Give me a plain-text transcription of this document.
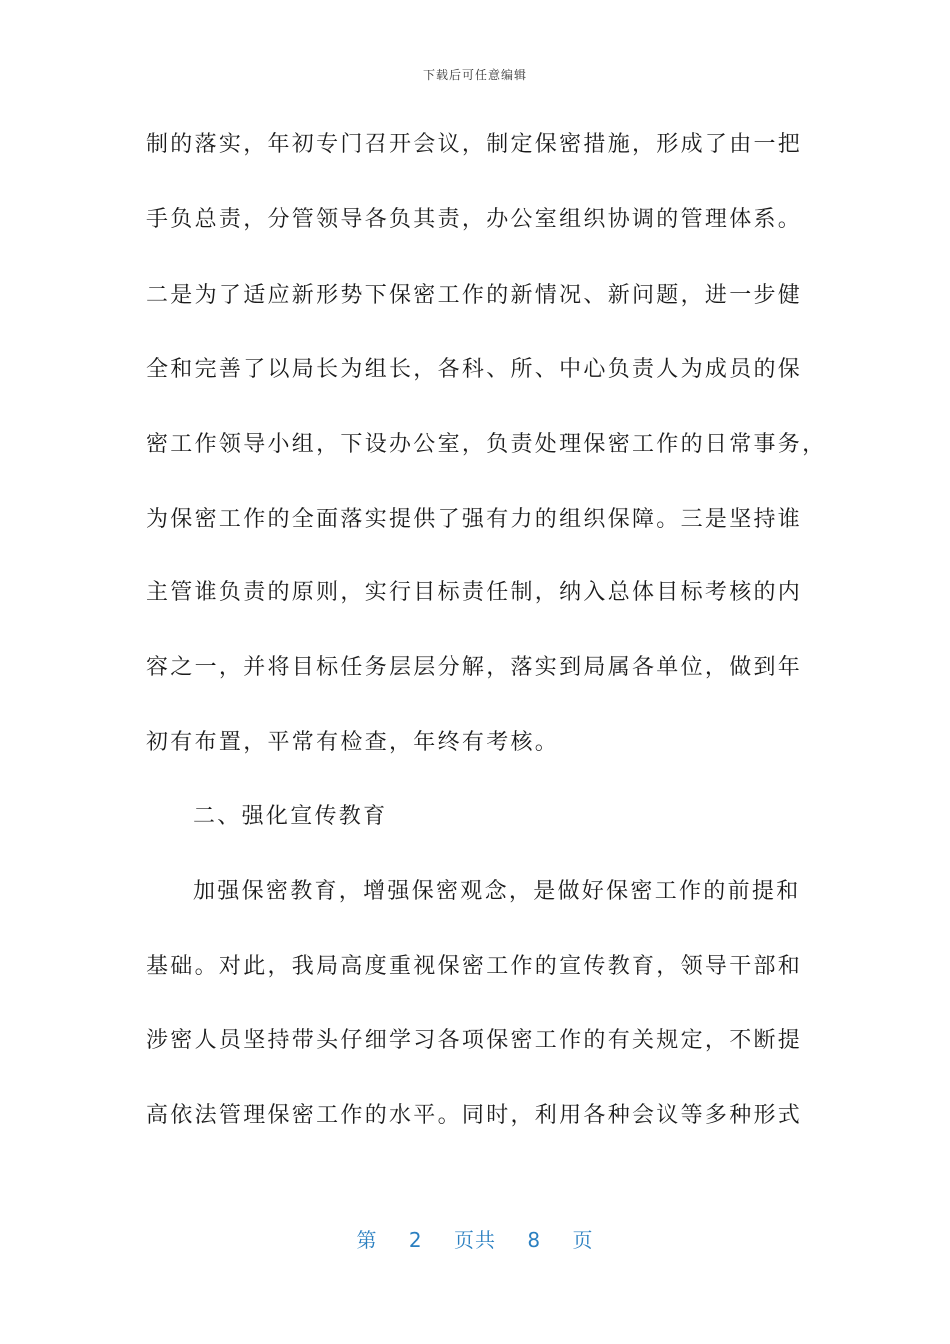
下载后可任意编辑

制的落实，年初专门召开会议，制定保密措施，形成了由一把

手负总责，分管领导各负其责，办公室组织协调的管理体系。

二是为了适应新形势下保密工作的新情况、新问题，进一步健

全和完善了以局长为组长，各科、所、中心负责人为成员的保

密工作领导小组，下设办公室，负责处理保密工作的日常事务，

为保密工作的全面落实提供了强有力的组织保障。三是坚持谁

主管谁负责的原则，实行目标责任制，纳入总体目标考核的内

容之一，并将目标任务层层分解，落实到局属各单位，做到年

初有布置，平常有检查，年终有考核。

二、强化宣传教育

加强保密教育，增强保密观念，是做好保密工作的前提和

基础。对此，我局高度重视保密工作的宣传教育，领导干部和

涉密人员坚持带头仔细学习各项保密工作的有关规定，不断提

高依法管理保密工作的水平。同时，利用各种会议等多种形式

第 2 页共 8 页
